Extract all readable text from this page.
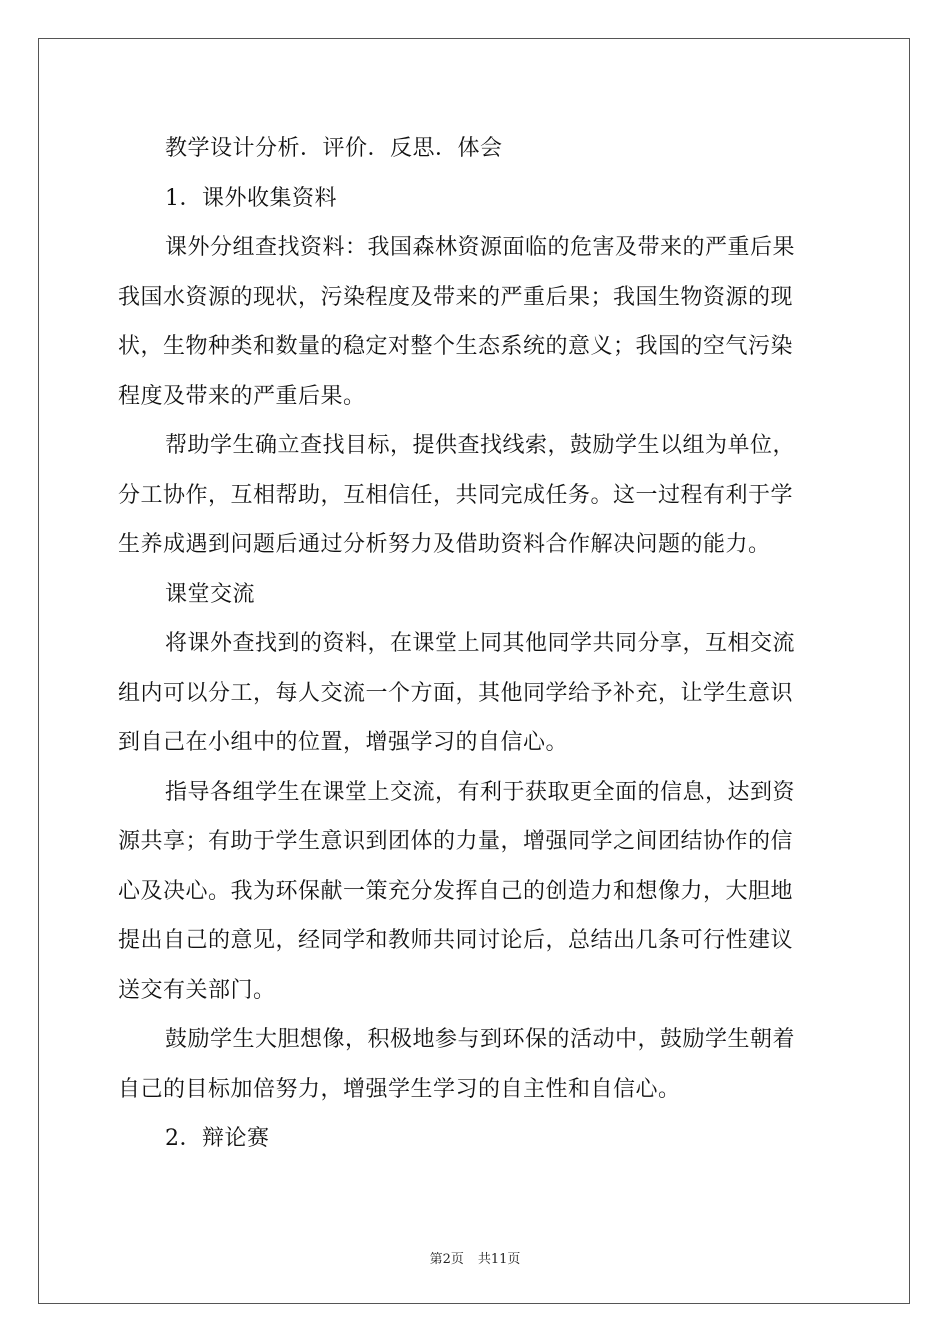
教学设计分析．评价．反思．体会
1．课外收集资料
课外分组查找资料：我国森林资源面临的危害及带来的严重后果
我国水资源的现状，污染程度及带来的严重后果；我国生物资源的现
状，生物种类和数量的稳定对整个生态系统的意义；我国的空气污染
程度及带来的严重后果。
帮助学生确立查找目标，提供查找线索，鼓励学生以组为单位，
分工协作，互相帮助，互相信任，共同完成任务。这一过程有利于学
生养成遇到问题后通过分析努力及借助资料合作解决问题的能力。
课堂交流
将课外查找到的资料，在课堂上同其他同学共同分享，互相交流
组内可以分工，每人交流一个方面，其他同学给予补充，让学生意识
到自己在小组中的位置，增强学习的自信心。
指导各组学生在课堂上交流，有利于获取更全面的信息，达到资
源共享；有助于学生意识到团体的力量，增强同学之间团结协作的信
心及决心。我为环保献一策充分发挥自己的创造力和想像力，大胆地
提出自己的意见，经同学和教师共同讨论后，总结出几条可行性建议
送交有关部门。
鼓励学生大胆想像，积极地参与到环保的活动中，鼓励学生朝着
自己的目标加倍努力，增强学生学习的自主性和自信心。
2．辩论赛
第2页 共11页
